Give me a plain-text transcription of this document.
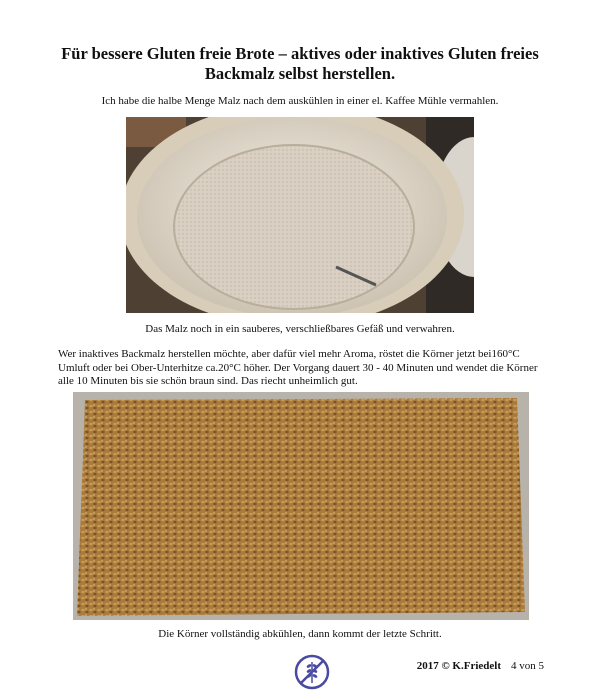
Für bessere Gluten freie Brote – aktives oder inaktives Gluten freies Backmalz selbst herstellen.
Ich habe die halbe Menge Malz nach dem auskühlen in einer el. Kaffee Mühle vermahlen.
Das Malz noch in ein sauberes, verschließbares Gefäß und verwahren.
Wer inaktives Backmalz herstellen möchte, aber dafür viel mehr Aroma, röstet die Körner jetzt bei160°C Umluft oder bei Ober-Unterhitze ca.20°C höher. Der Vorgang dauert 30 - 40 Minuten und wendet die Körner alle 10 Minuten bis sie schön braun sind. Das riecht unheimlich gut.
Die Körner vollständig abkühlen, dann kommt der letzte Schritt.
2017 © K.Friedelt 4 von 5
